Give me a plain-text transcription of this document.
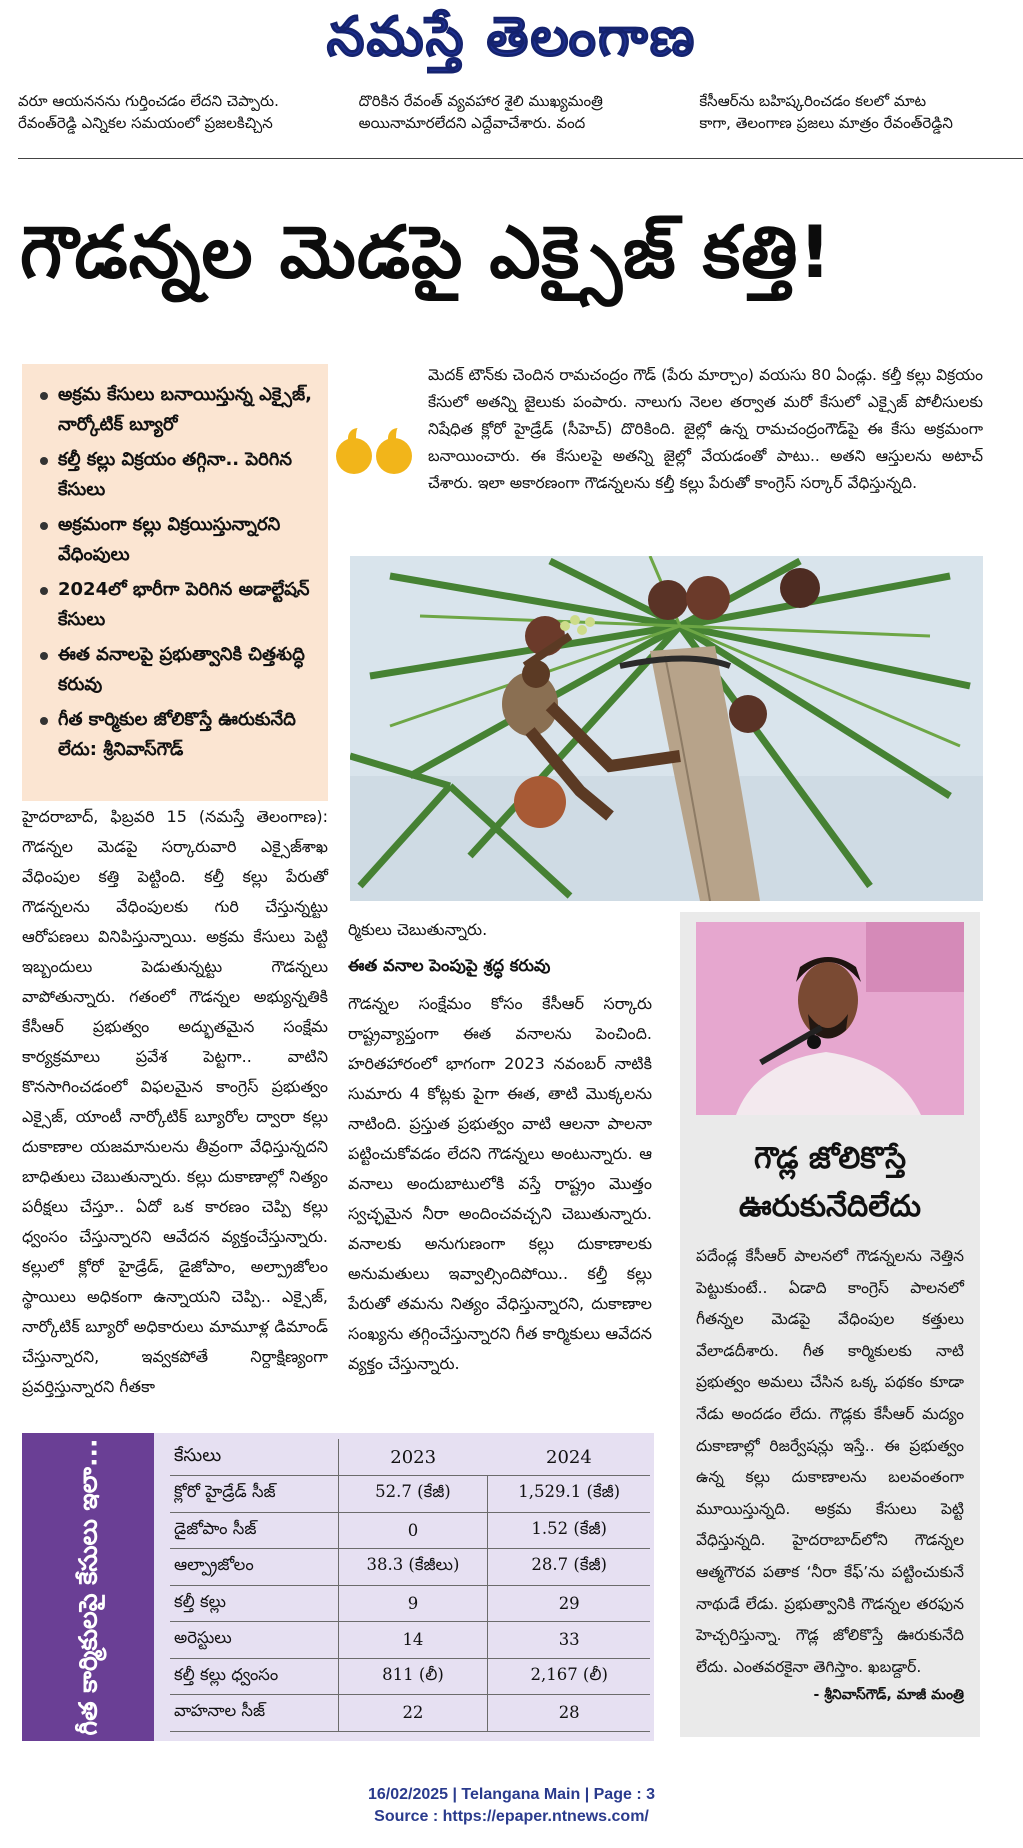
నమస్తే తెలంగాణ
వరూ ఆయననను గుర్తించడం లేదని చెప్పారు.
రేవంత్‌రెడ్డి ఎన్నికల సమయంలో ప్రజలకిచ్చిన
దొరికిన రేవంత్ వ్యవహార శైలి ముఖ్యమంత్రి
అయినామారలేదని ఎద్దేవాచేశారు. వంద
కేసీఆర్‌ను బహిష్కరించడం కలలో మాట
కాగా, తెలంగాణ ప్రజలు మాత్రం రేవంత్‌రెడ్డిని
గౌడన్నల మెడపై ఎక్సైజ్ కత్తి!
అక్రమ కేసులు బనాయిస్తున్న ఎక్సైజ్, నార్కోటిక్ బ్యూరో
కల్తీ కల్లు విక్రయం తగ్గినా.. పెరిగిన కేసులు
అక్రమంగా కల్లు విక్రయిస్తున్నారని వేధింపులు
2024లో భారీగా పెరిగిన అడాల్టేషన్ కేసులు
ఈత వనాలపై ప్రభుత్వానికి చిత్తశుద్ధి కరువు
గీత కార్మికుల జోలికొస్తే ఊరుకునేది లేదు: శ్రీనివాస్‌గౌడ్

మెదక్ టౌన్‌కు చెందిన రామచంద్రం గౌడ్ (పేరు మార్చాం) వయసు 80 ఏండ్లు. కల్తీ కల్లు విక్రయం కేసులో అతన్ని జైలుకు పంపారు. నాలుగు నెలల తర్వాత మరో కేసులో ఎక్సైజ్ పోలీసులకు నిషేధిత క్లోరో హైడ్రేడ్ (సీహెచ్) దొరికింది. జైల్లో ఉన్న రామచంద్రంగౌడ్‌పై ఈ కేసు అక్రమంగా బనాయించారు. ఈ కేసులపై అతన్ని జైల్లో వేయడంతో పాటు.. అతని ఆస్తులను అటాచ్ చేశారు. ఇలా అకారణంగా గౌడన్నలను కల్తీ కల్లు పేరుతో కాంగ్రెస్ సర్కార్ వేధిస్తున్నది.

హైదరాబాద్, ఫిబ్రవరి 15 (నమస్తే తెలంగాణ): గౌడన్నల మెడపై సర్కారువారి ఎక్సైజ్‌శాఖ వేధింపుల కత్తి పెట్టింది. కల్తీ కల్లు పేరుతో గౌడన్నలను వేధింపులకు గురి చేస్తున్నట్టు ఆరోపణలు వినిపిస్తున్నాయి. అక్రమ కేసులు పెట్టి ఇబ్బందులు పెడుతున్నట్టు గౌడన్నలు వాపోతున్నారు. గతంలో గౌడన్నల అభ్యున్నతికి కేసీఆర్ ప్రభుత్వం అద్భుతమైన సంక్షేమ కార్యక్రమాలు ప్రవేశ పెట్టగా.. వాటిని కొనసాగించడంలో విఫలమైన కాంగ్రెస్ ప్రభుత్వం ఎక్సైజ్, యాంటీ నార్కోటిక్ బ్యూరోల ద్వారా కల్లు దుకాణాల యజమానులను తీవ్రంగా వేధిస్తున్నదని బాధితులు చెబుతున్నారు. కల్లు దుకాణాల్లో నిత్యం పరీక్షలు చేస్తూ.. ఏదో ఒక కారణం చెప్పి కల్లు ధ్వంసం చేస్తున్నారని ఆవేదన వ్యక్తంచేస్తున్నారు. కల్లులో క్లోరో హైడ్రేడ్, డైజోపాం, అల్ప్రాజోలం స్థాయిలు అధికంగా ఉన్నాయని చెప్పి.. ఎక్సైజ్, నార్కోటిక్ బ్యూరో అధికారులు మామూళ్ల డిమాండ్ చేస్తున్నారని, ఇవ్వకపోతే నిర్దాక్షిణ్యంగా ప్రవర్తిస్తున్నారని గీతకా

ర్మికులు చెబుతున్నారు.
ఈత వనాల పెంపుపై శ్రద్ధ కరువు

గౌడన్నల సంక్షేమం కోసం కేసీఆర్ సర్కారు రాష్ట్రవ్యాప్తంగా ఈత వనాలను పెంచింది. హరితహారంలో భాగంగా 2023 నవంబర్ నాటికి సుమారు 4 కోట్లకు పైగా ఈత, తాటి మొక్కలను నాటింది. ప్రస్తుత ప్రభుత్వం వాటి ఆలనా పాలనా పట్టించుకోవడం లేదని గౌడన్నలు అంటున్నారు. ఆ వనాలు అందుబాటులోకి వస్తే రాష్ట్రం మొత్తం స్వచ్ఛమైన నీరా అందించవచ్చని చెబుతున్నారు. వనాలకు అనుగుణంగా కల్లు దుకాణాలకు అనుమతులు ఇవ్వాల్సిందిపోయి.. కల్తీ కల్లు పేరుతో తమను నిత్యం వేధిస్తున్నారని, దుకాణాల సంఖ్యను తగ్గించేస్తున్నారని గీత కార్మికులు ఆవేదన వ్యక్తం చేస్తున్నారు.

గౌడ్ల జోలికొస్తే ఊరుకునేదిలేదు

పదేండ్ల కేసీఆర్ పాలనలో గౌడన్నలను నెత్తిన పెట్టుకుంటే.. ఏడాది కాంగ్రెస్ పాలనలో గీతన్నల మెడపై వేధింపుల కత్తులు వేలాడదీశారు. గీత కార్మికులకు నాటి ప్రభుత్వం అమలు చేసిన ఒక్క పథకం కూడా నేడు అందడం లేదు. గౌడ్లకు కేసీఆర్ మద్యం దుకాణాల్లో రిజర్వేషన్లు ఇస్తే.. ఈ ప్రభుత్వం ఉన్న కల్లు దుకాణాలను బలవంతంగా మూయిస్తున్నది. అక్రమ కేసులు పెట్టి వేధిస్తున్నది. హైదరాబాద్‌లోని గౌడన్నల ఆత్మగౌరవ పతాక ‘నీరా కేఫ్’ను పట్టించుకునే నాథుడే లేడు. ప్రభుత్వానికి గౌడన్నల తరఫున హెచ్చరిస్తున్నా. గౌడ్ల జోలికొస్తే ఊరుకునేది లేదు. ఎంతవరకైనా తెగిస్తాం. ఖబడ్దార్.

- శ్రీనివాస్‌గౌడ్, మాజీ మంత్రి
గీత కార్మికులపై కేసులు ఇలా...	కేసులు	2023	2024
క్లోరో హైడ్రేడ్ సీజ్	52.7 (కేజీ)	1,529.1 (కేజీ)
డైజోపాం సీజ్	0	1.52 (కేజీ)
ఆల్ప్రాజోలం	38.3 (కేజీలు)	28.7 (కేజీ)
కల్తీ కల్లు	9	29
అరెస్టులు	14	33
కల్తీ కల్లు ధ్వంసం	811 (లీ)	2,167 (లీ)
వాహనాల సీజ్	22	28
16/02/2025 | Telangana Main | Page : 3
Source : https://epaper.ntnews.com/
